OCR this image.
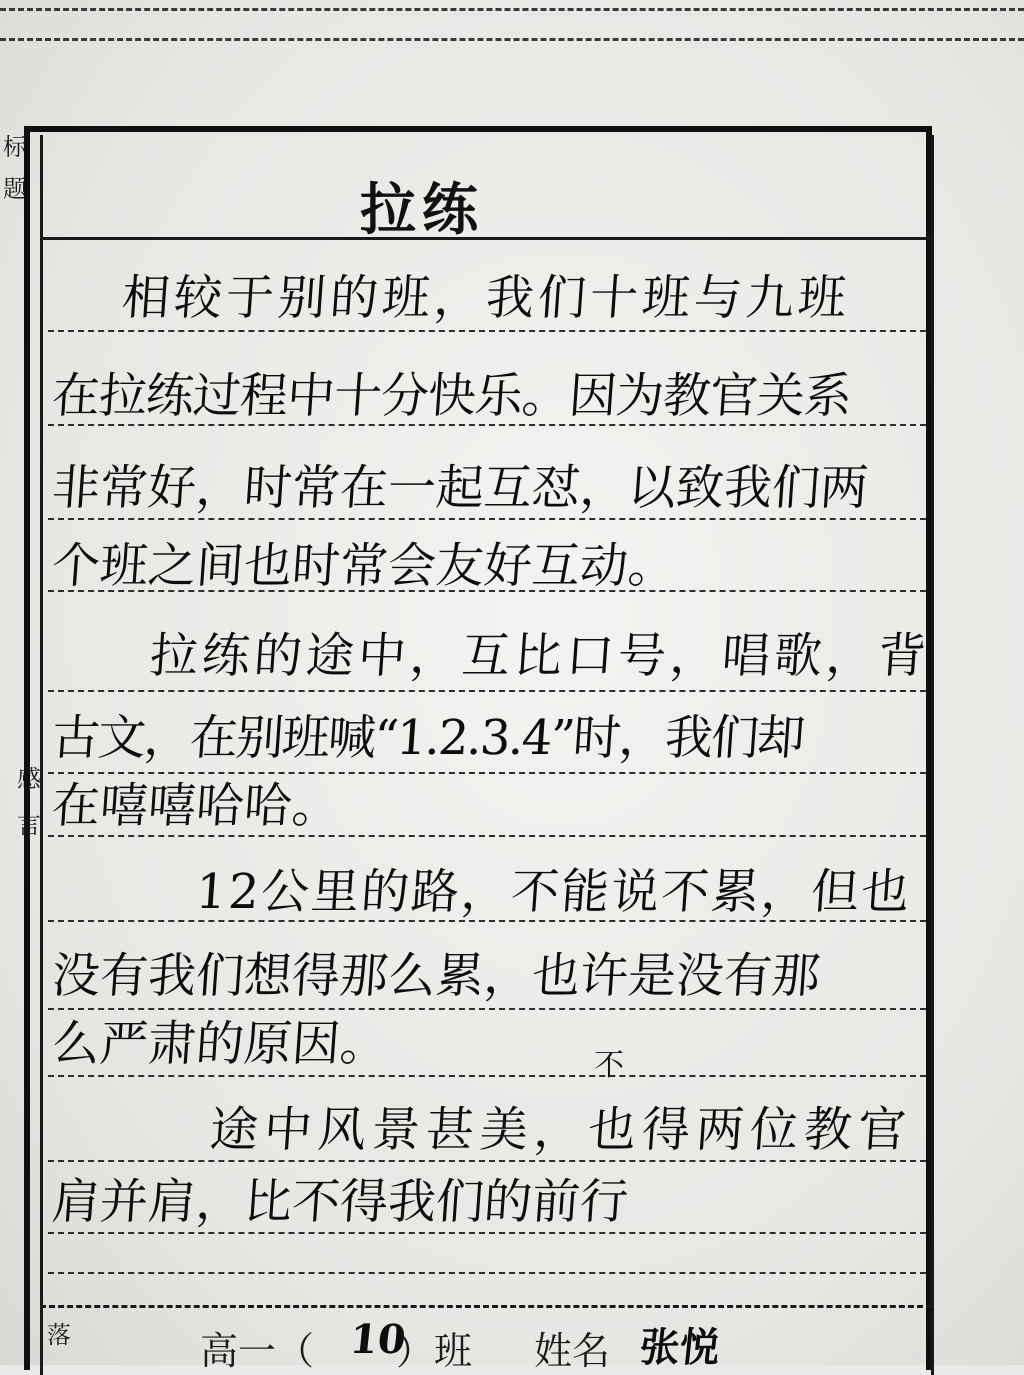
标
题
感
言
落
拉练
相较于别的班，我们十班与九班
在拉练过程中十分快乐。因为教官关系
非常好，时常在一起互怼，以致我们两
个班之间也时常会友好互动。
拉练的途中，互比口号，唱歌，背
古文，在别班喊“1.2.3.4”时，我们却
在嘻嘻哈哈。
12公里的路，不能说不累，但也
没有我们想得那么累，也许是没有那
么严肃的原因。
途中风景甚美，也得两位教官
不
肩并肩，比不得我们的前行
高一（ 10
）班 姓名 张悦
